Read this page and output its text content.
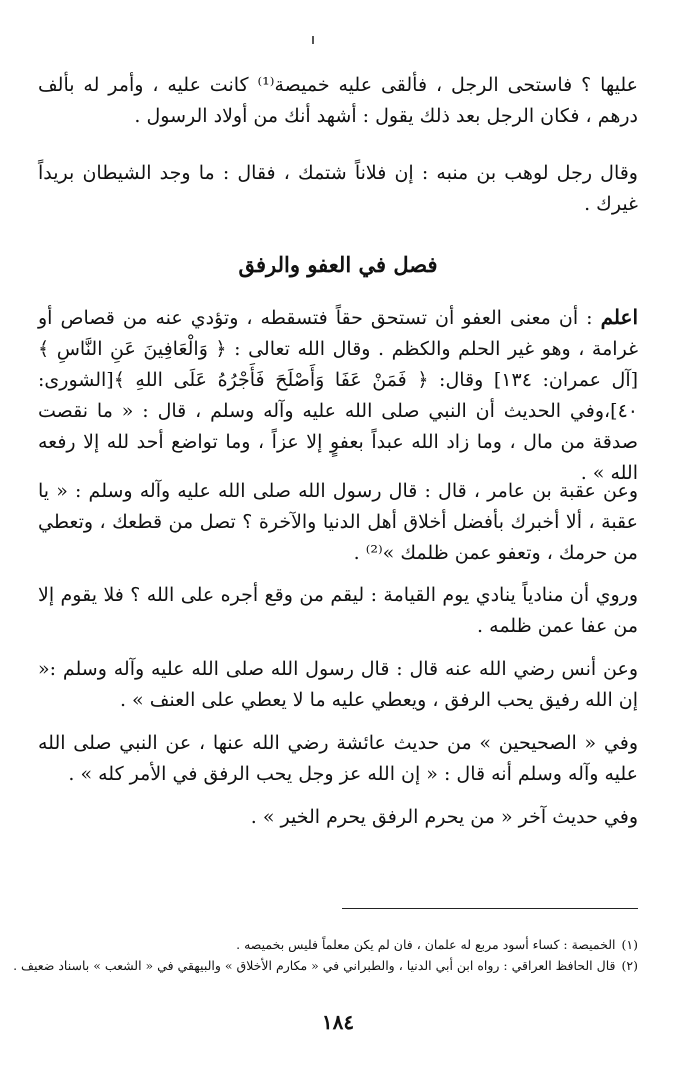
عليها ؟ فاستحى الرجل ، فألقى عليه خميصة⁽¹⁾ كانت عليه ، وأمر له بألف درهم ، فكان الرجل بعد ذلك يقول : أشهد أنك من أولاد الرسول .

وقال رجل لوهب بن منبه : إن فلاناً شتمك ، فقال : ما وجد الشيطان بريداً غيرك .

فصل في العفو والرفق

اعلم : أن معنى العفو أن تستحق حقاً فتسقطه ، وتؤدي عنه من قصاص أو غرامة ، وهو غير الحلم والكظم . وقال الله تعالى : ﴿ وَالْعَافِينَ عَنِ النَّاسِ ﴾ [آل عمران: ١٣٤] وقال: ﴿ فَمَنْ عَفَا وَأَصْلَحَ فَأَجْرُهُ عَلَى اللهِ ﴾[الشورى: ٤٠]،وفي الحديث أن النبي صلى الله عليه وآله وسلم ، قال : « ما نقصت صدقة من مال ، وما زاد الله عبداً بعفوٍ إلا عزاً ، وما تواضع أحد لله إلا رفعه الله » .

وعن عقبة بن عامر ، قال : قال رسول الله صلى الله عليه وآله وسلم : « يا عقبة ، ألا أخبرك بأفضل أخلاق أهل الدنيا والآخرة ؟ تصل من قطعك ، وتعطي من حرمك ، وتعفو عمن ظلمك »⁽²⁾ .

وروي أن منادياً ينادي يوم القيامة : ليقم من وقع أجره على الله ؟ فلا يقوم إلا من عفا عمن ظلمه .

وعن أنس رضي الله عنه قال : قال رسول الله صلى الله عليه وآله وسلم :« إن الله رفيق يحب الرفق ، ويعطي عليه ما لا يعطي على العنف » .

وفي « الصحيحين » من حديث عائشة رضي الله عنها ، عن النبي صلى الله عليه وآله وسلم أنه قال : « إن الله عز وجل يحب الرفق في الأمر كله » .

وفي حديث آخر « من يحرم الرفق يحرم الخير » .

(١)الخميصة : كساء أسود مربع له علمان ، فان لم يكن معلماً فليس بخميصه .
(٢)قال الحافظ العراقي : رواه ابن أبي الدنيا ، والطبراني في « مكارم الأخلاق » والبيهقي في « الشعب » باسناد ضعيف .
١٨٤
